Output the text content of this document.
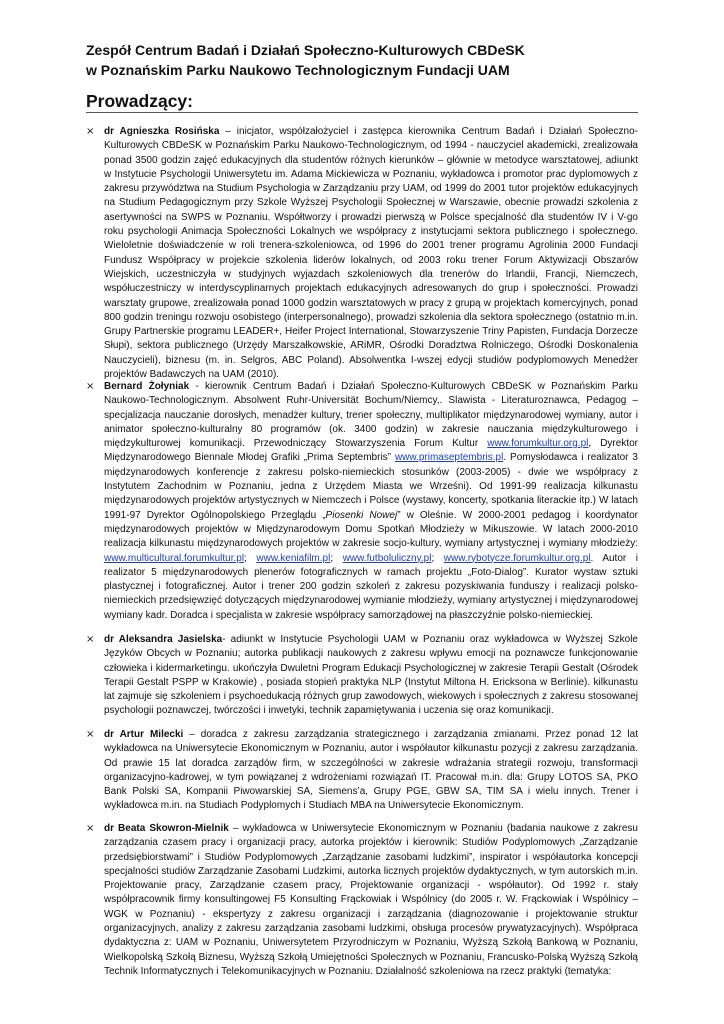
Zespół Centrum Badań i Działań Społeczno-Kulturowych CBDeSK
w Poznańskim Parku Naukowo Technologicznym Fundacji UAM
Prowadzący:
× dr Agnieszka Rosińska – inicjator, współzałożyciel i zastępca kierownika Centrum Badań i Działań Społeczno-Kulturowych CBDeSK w Poznańskim Parku Naukowo-Technologicznym, od 1994 - nauczyciel akademicki, zrealizowała ponad 3500 godzin zajęć edukacyjnych dla studentów różnych kierunków – głównie w metodyce warsztatowej, adiunkt w Instytucie Psychologii Uniwersytetu im. Adama Mickiewicza w Poznaniu, wykładowca i promotor prac dyplomowych z zakresu przywództwa na Studium Psychologia w Zarządzaniu przy UAM, od 1999 do 2001 tutor projektów edukacyjnych na Studium Pedagogicznym przy Szkole Wyższej Psychologii Społecznej w Warszawie, obecnie prowadzi szkolenia z asertywności na SWPS w Poznaniu. Współtworzy i prowadzi pierwszą w Polsce specjalność dla studentów IV i V-go roku psychologii Animacja Społeczności Lokalnych we współpracy z instytucjami sektora publicznego i społecznego. Wieloletnie doświadczenie w roli trenera-szkoleniowca, od 1996 do 2001 trener programu Agrolinia 2000 Fundacji Fundusz Współpracy w projekcie szkolenia liderów lokalnych, od 2003 roku trener Forum Aktywizacji Obszarów Wiejskich, uczestniczyła w studyjnych wyjazdach szkoleniowych dla trenerów do Irlandii, Francji, Niemczech, współuczestniczy w interdyscyplinarnych projektach edukacyjnych adresowanych do grup i społeczności. Prowadzi warsztaty grupowe, zrealizowała ponad 1000 godzin warsztatowych w pracy z grupą w projektach komercyjnych, ponad 800 godzin treningu rozwoju osobistego (interpersonalnego), prowadzi szkolenia dla sektora społecznego (ostatnio m.in. Grupy Partnerskie programu LEADER+, Heifer Project International, Stowarzyszenie Triny Papisten, Fundacja Dorzecze Słupi), sektora publicznego (Urzędy Marszałkowskie, ARiMR, Ośrodki Doradztwa Rolniczego, Ośrodki Doskonalenia Nauczycieli), biznesu (m. in. Selgros, ABC Poland). Absolwentka I-wszej edycji studiów podyplomowych Menedżer projektów Badawczych na UAM (2010).
× Bernard Żołyniak - kierownik Centrum Badań i Działań Społeczno-Kulturowych CBDeSK w Poznańskim Parku Naukowo-Technologicznym. Absolwent Ruhr-Universität Bochum/Niemcy,. Slawista - Literaturoznawca, Pedagog – specjalizacja nauczanie dorosłych, menadżer kultury, trener społeczny, multiplikator międzynarodowej wymiany, autor i animator społeczno-kulturalny 80 programów (ok. 3400 godzin) w zakresie nauczania międzykulturowego i międzykulturowej komunikacji. Przewodniczący Stowarzyszenia Forum Kultur www.forumkultur.org.pl, Dyrektor Międzynarodowego Biennale Młodej Grafiki „Prima Septembris” www.primaseptembris.pl. Pomysłodawca i realizator 3 międzynarodowych konferencje z zakresu polsko-niemieckich stosunków (2003-2005) - dwie we współpracy z Instytutem Zachodnim w Poznaniu, jedna z Urzędem Miasta we Wrześni). Od 1991-99 realizacja kilkunastu międzynarodowych projektów artystycznych w Niemczech i Polsce (wystawy, koncerty, spotkania literackie itp.) W latach 1991-97 Dyrektor Ogólnopolskiego Przeglądu „Piosenki Nowej” w Oleśnie. W 2000-2001 pedagog i koordynator międzynarodowych projektów w Międzynarodowym Domu Spotkań Młodzieży w Mikuszowie. W latach 2000-2010 realizacja kilkunastu międzynarodowych projektów w zakresie socjo-kultury, wymiany artystycznej i wymiany młodzieży: www.multicultural.forumkultur.pl; www.keniafilm.pl; www.futboluliczny.pl; www.rybotycze.forumkultur.org.pl. Autor i realizator 5 międzynarodowych plenerów fotograficznych w ramach projektu „Foto-Dialog”. Kurator wystaw sztuki plastycznej i fotograficznej. Autor i trener 200 godzin szkoleń z zakresu pozyskiwania funduszy i realizacji polsko-niemieckich przedsięwzięć dotyczących międzynarodowej wymianie młodzieży, wymiany artystycznej i międzynarodowej wymiany kadr. Doradca i specjalista w zakresie współpracy samorządowej na płaszczyźnie polsko-niemieckiej.
× dr Aleksandra Jasielska- adiunkt w Instytucie Psychologii UAM w Poznaniu oraz wykładowca w Wyższej Szkole Języków Obcych w Poznaniu; autorka publikacji naukowych z zakresu wpływu emocji na poznawcze funkcjonowanie człowieka i kidermarketingu. ukończyła Dwuletni Program Edukacji Psychologicznej w zakresie Terapii Gestalt (Ośrodek Terapii Gestalt PSPP w Krakowie) , posiada stopień praktyka NLP (Instytut Miltona H. Ericksona w Berlinie). kilkunastu lat zajmuje się szkoleniem i psychoedukacją różnych grup zawodowych, wiekowych i społecznych z zakresu stosowanej psychologii poznawczej, twórczości i inwetyki, technik zapamiętywania i uczenia się oraz komunikacji.
× dr Artur Milecki – doradca z zakresu zarządzania strategicznego i zarządzania zmianami. Przez ponad 12 lat wykładowca na Uniwersytecie Ekonomicznym w Poznaniu, autor i współautor kilkunastu pozycji z zakresu zarządzania. Od prawie 15 lat doradca zarządów firm, w szczególności w zakresie wdrażania strategii rozwoju, transformacji organizacyjno-kadrowej, w tym powiązanej z wdrożeniami rozwiązań IT. Pracował m.in. dla: Grupy LOTOS SA, PKO Bank Polski SA, Kompanii Piwowarskiej SA, Siemens’a, Grupy PGE, GBW SA, TIM SA i wielu innych. Trener i wykładowca m.in. na Studiach Podyplomych i Studiach MBA na Uniwersytecie Ekonomicznym.
× dr Beata Skowron-Mielnik – wykładowca w Uniwersytecie Ekonomicznym w Poznaniu (badania naukowe z zakresu zarządzania czasem pracy i organizacji pracy, autorka projektów i kierownik: Studiów Podyplomowych „Zarządzanie przedsiębiorstwami” i Studiów Podyplomowych „Zarządzanie zasobami ludzkimi”, inspirator i współautorka koncepcji specjalności studiów Zarządzanie Zasobami Ludzkimi, autorka licznych projektów dydaktycznych, w tym autorskich m.in. Projektowanie pracy, Zarządzanie czasem pracy, Projektowanie organizacji - współautor). Od 1992 r. stały współpracownik firmy konsultingowej F5 Konsulting Frąckowiak i Wspólnicy (do 2005 r. W. Frąckowiak i Wspólnicy – WGK w Poznaniu) - ekspertyzy z zakresu organizacji i zarządzania (diagnozowanie i projektowanie struktur organizacyjnych, analizy z zakresu zarządzania zasobami ludzkimi, obsługa procesów prywatyzacyjnych). Współpraca dydaktyczna z: UAM w Poznaniu, Uniwersytetem Przyrodniczym w Poznaniu, Wyższą Szkołą Bankową w Poznaniu, Wielkopolską Szkołą Biznesu, Wyższą Szkołą Umiejętności Społecznych w Poznaniu, Francusko-Polską Wyższą Szkołą Technik Informatycznych i Telekomunikacyjnych w Poznaniu. Działalność szkoleniowa na rzecz praktyki (tematyka:
